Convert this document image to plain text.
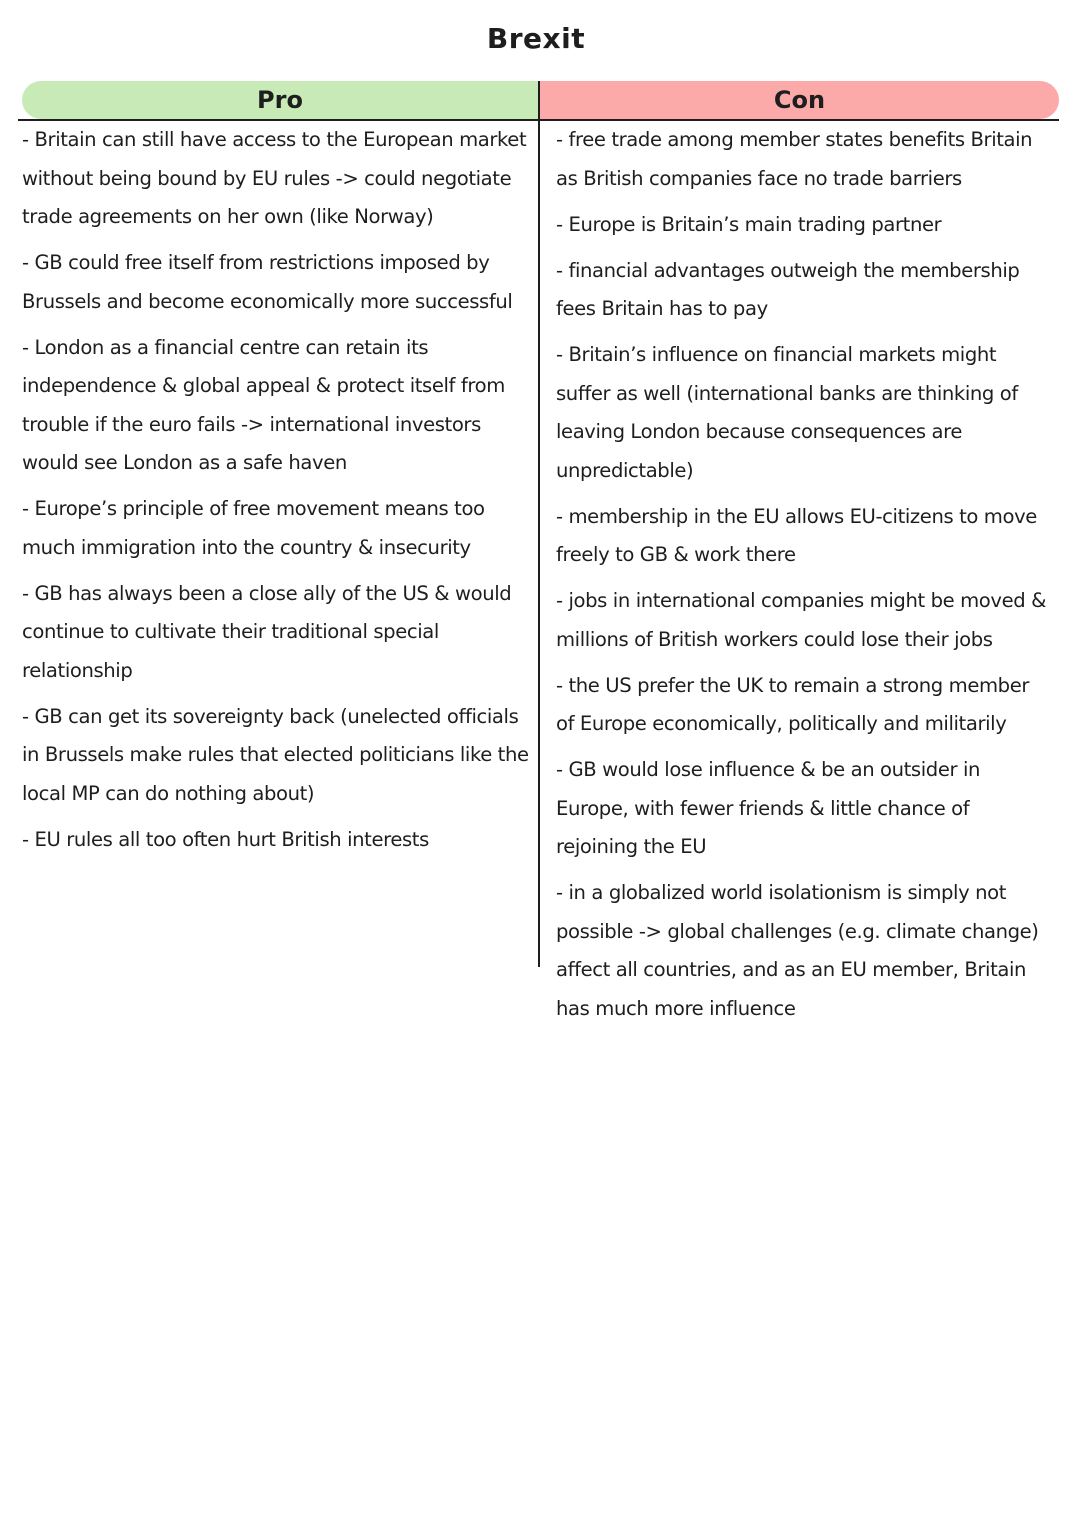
Brexit
Pro	Con
- Britain can still have access to the European market without being bound by EU rules -> could negotiate trade agreements on her own (like Norway)
- GB could free itself from restrictions imposed by Brussels and become economically more successful
- London as a financial centre can retain its independence & global appeal & protect itself from trouble if the euro fails -> international investors would see London as a safe haven
- Europe’s principle of free movement means too much immigration into the country & insecurity
- GB has always been a close ally of the US & would continue to cultivate their traditional special relationship
- GB can get its sovereignty back (unelected officials in Brussels make rules that elected politicians like the local MP can do nothing about)
- EU rules all too often hurt British interests
- free trade among member states benefits Britain as British companies face no trade barriers
- Europe is Britain’s main trading partner
- financial advantages outweigh the membership fees Britain has to pay
- Britain’s influence on financial markets might suffer as well (international banks are thinking of leaving London because consequences are unpredictable)
- membership in the EU allows EU-citizens to move freely to GB & work there
- jobs in international companies might be moved & millions of British workers could lose their jobs
- the US prefer the UK to remain a strong member of Europe economically, politically and militarily
- GB would lose influence & be an outsider in Europe, with fewer friends & little chance of rejoining the EU
- in a globalized world isolationism is simply not possible -> global challenges (e.g. climate change) affect all countries, and as an EU member, Britain has much more influence
